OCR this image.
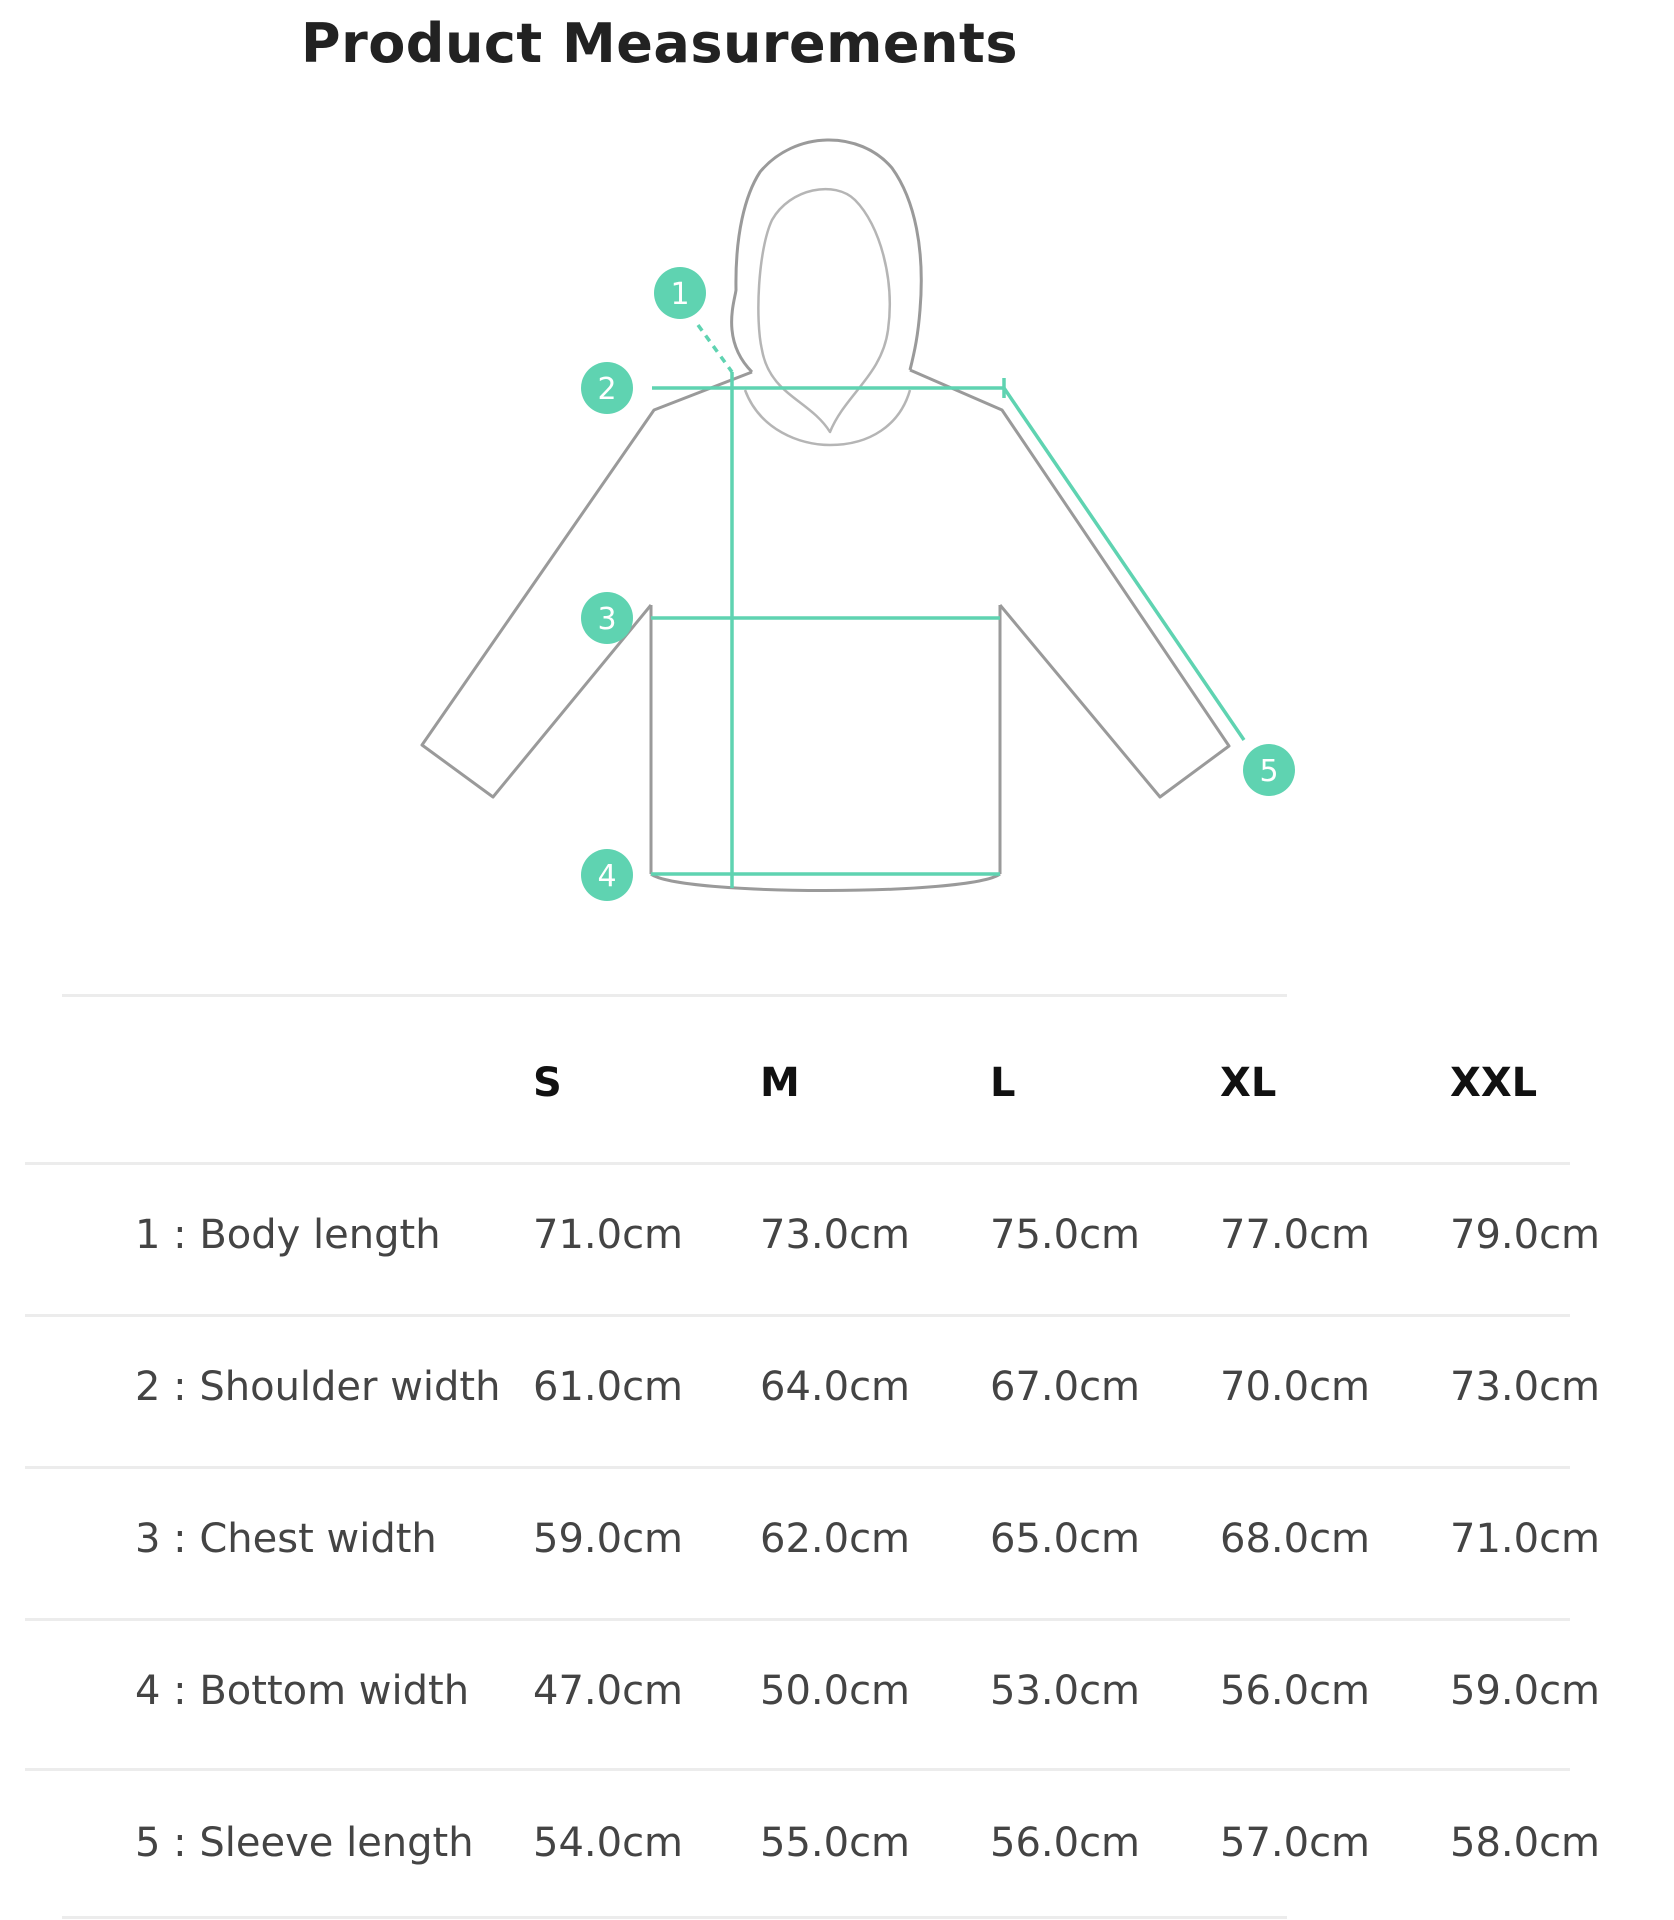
Product Measurements
1
2
3
4
5
S	M	L	XL	XXL
1 : Body length 71.0cm 73.0cm 75.0cm 77.0cm 79.0cm
2 : Shoulder width 61.0cm 64.0cm 67.0cm 70.0cm 73.0cm
3 : Chest width 59.0cm 62.0cm 65.0cm 68.0cm 71.0cm
4 : Bottom width 47.0cm 50.0cm 53.0cm 56.0cm 59.0cm
5 : Sleeve length 54.0cm 55.0cm 56.0cm 57.0cm 58.0cm
